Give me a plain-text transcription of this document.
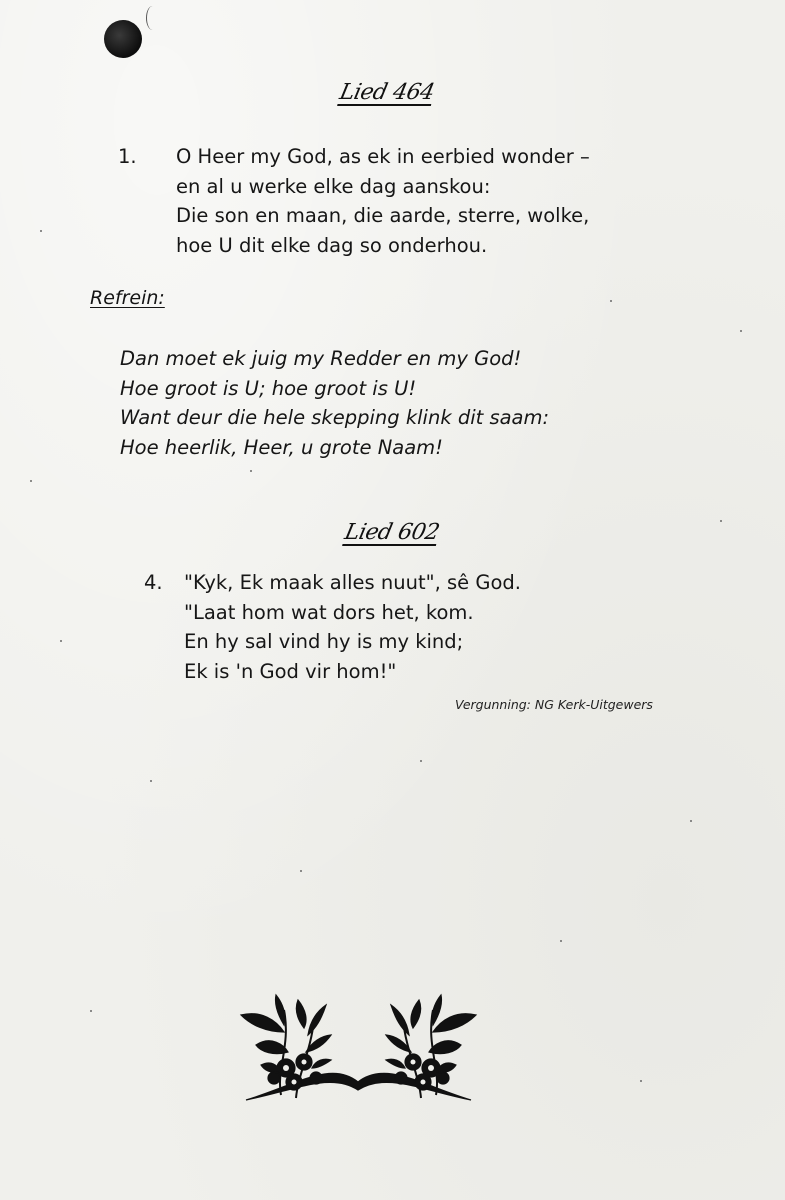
Lied 464
1. O Heer my God, as ek in eerbied wonder –
en al u werke elke dag aanskou:
Die son en maan, die aarde, sterre, wolke,
hoe U dit elke dag so onderhou.
Refrein:
Dan moet ek juig my Redder en my God!
Hoe groot is U; hoe groot is U!
Want deur die hele skepping klink dit saam:
Hoe heerlik, Heer, u grote Naam!
Lied 602
4. "Kyk, Ek maak alles nuut", sê God.
"Laat hom wat dors het, kom.
En hy sal vind hy is my kind;
Ek is 'n God vir hom!"
Vergunning: NG Kerk-Uitgewers
